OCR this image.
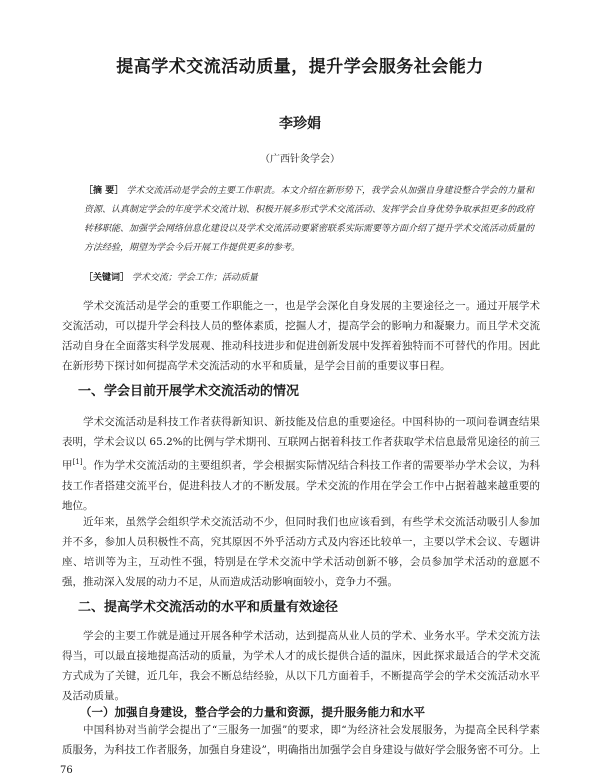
提高学术交流活动质量，提升学会服务社会能力
李珍娟
（广西针灸学会）
［摘 要］ 学术交流活动是学会的主要工作职责。本文介绍在新形势下，我学会从加强自身建设整合学会的力量和资源、认真制定学会的年度学术交流计划、积极开展多形式学术交流活动、发挥学会自身优势争取承担更多的政府转移职能、加强学会网络信息化建设以及学术交流活动要紧密联系实际需要等方面介绍了提升学术交流活动质量的方法经验，期望为学会今后开展工作提供更多的参考。
［关键词］ 学术交流；学会工作；活动质量

学术交流活动是学会的重要工作职能之一，也是学会深化自身发展的主要途径之一。通过开展学术交流活动，可以提升学会科技人员的整体素质，挖掘人才，提高学会的影响力和凝聚力。而且学术交流活动自身在全面落实科学发展观、推动科技进步和促进创新发展中发挥着独特而不可替代的作用。因此在新形势下探讨如何提高学术交流活动的水平和质量，是学会目前的重要议事日程。

一、学会目前开展学术交流活动的情况

学术交流活动是科技工作者获得新知识、新技能及信息的重要途径。中国科协的一项问卷调查结果表明，学术会议以 65.2%的比例与学术期刊、互联网占据着科技工作者获取学术信息最常见途径的前三甲[1]。作为学术交流活动的主要组织者，学会根据实际情况结合科技工作者的需要举办学术会议，为科技工作者搭建交流平台，促进科技人才的不断发展。学术交流的作用在学会工作中占据着越来越重要的地位。

近年来，虽然学会组织学术交流活动不少，但同时我们也应该看到，有些学术交流活动吸引人参加并不多，参加人员积极性不高，究其原因不外乎活动方式及内容还比较单一，主要以学术会议、专题讲座、培训等为主，互动性不强，特别是在学术交流中学术活动创新不够，会员参加学术活动的意愿不强，推动深入发展的动力不足，从而造成活动影响面较小，竞争力不强。

二、提高学术交流活动的水平和质量有效途径

学会的主要工作就是通过开展各种学术活动，达到提高从业人员的学术、业务水平。学术交流方法得当，可以最直接地提高活动的质量，为学术人才的成长提供合适的温床，因此探求最适合的学术交流方式成为了关键，近几年，我会不断总结经验，从以下几方面着手，不断提高学会的学术交流活动水平及活动质量。

（一）加强自身建设，整合学会的力量和资源，提升服务能力和水平

中国科协对当前学会提出了“三服务一加强”的要求，即“为经济社会发展服务，为提高全民科学素质服务，为科技工作者服务，加强自身建设”，明确指出加强学会自身建设与做好学会服务密不可分。上

76
